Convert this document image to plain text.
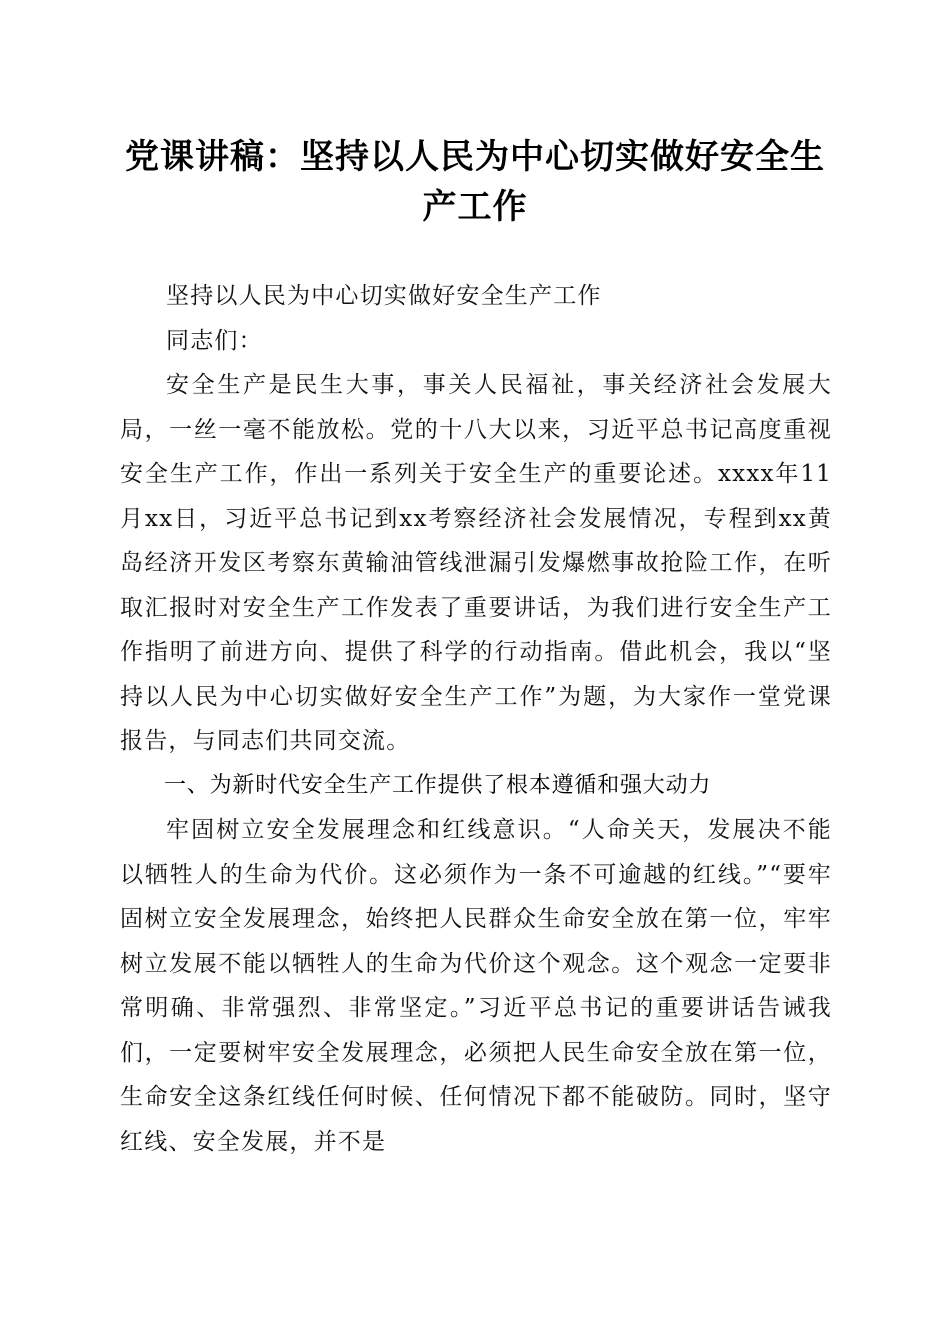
党课讲稿：坚持以人民为中心切实做好安全生产工作

坚持以人民为中心切实做好安全生产工作

同志们：

安全生产是民生大事，事关人民福祉，事关经济社会发展大局，一丝一毫不能放松。党的十八大以来，习近平总书记高度重视安全生产工作，作出一系列关于安全生产的重要论述。xxxx年11月xx日，习近平总书记到xx考察经济社会发展情况，专程到xx黄岛经济开发区考察东黄输油管线泄漏引发爆燃事故抢险工作，在听取汇报时对安全生产工作发表了重要讲话，为我们进行安全生产工作指明了前进方向、提供了科学的行动指南。借此机会，我以“坚持以人民为中心切实做好安全生产工作”为题，为大家作一堂党课报告，与同志们共同交流。

一、为新时代安全生产工作提供了根本遵循和强大动力

牢固树立安全发展理念和红线意识。“人命关天，发展决不能以牺牲人的生命为代价。这必须作为一条不可逾越的红线。”“要牢固树立安全发展理念，始终把人民群众生命安全放在第一位，牢牢树立发展不能以牺牲人的生命为代价这个观念。这个观念一定要非常明确、非常强烈、非常坚定。”习近平总书记的重要讲话告诫我们，一定要树牢安全发展理念，必须把人民生命安全放在第一位，生命安全这条红线任何时候、任何情况下都不能破防。同时，坚守红线、安全发展，并不是
